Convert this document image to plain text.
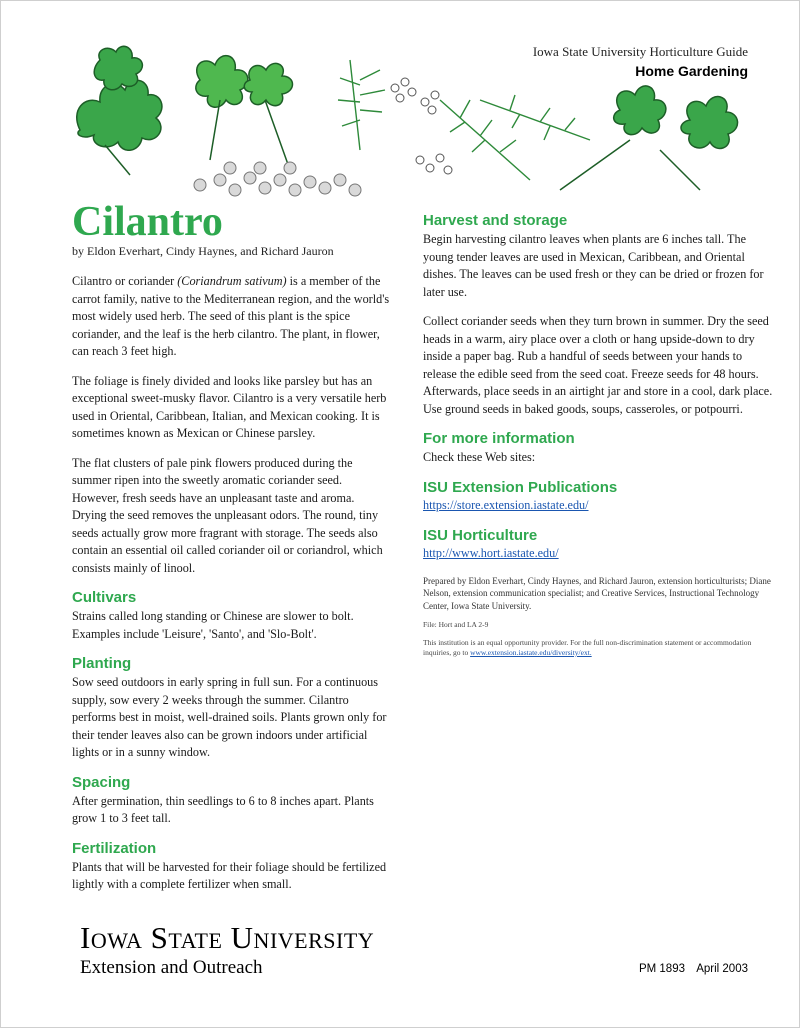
Iowa State University Horticulture Guide
Home Gardening
Cilantro
by Eldon Everhart, Cindy Haynes, and Richard Jauron

Cilantro or coriander (Coriandrum sativum) is a member of the carrot family, native to the Mediterranean region, and the world's most widely used herb. The seed of this plant is the spice coriander, and the leaf is the herb cilantro. The plant, in flower, can reach 3 feet high.

The foliage is finely divided and looks like parsley but has an exceptional sweet-musky flavor. Cilantro is a very versatile herb used in Oriental, Caribbean, Italian, and Mexican cooking. It is sometimes known as Mexican or Chinese parsley.

The flat clusters of pale pink flowers produced during the summer ripen into the sweetly aromatic coriander seed. However, fresh seeds have an unpleasant taste and aroma. Drying the seed removes the unpleasant odors. The round, tiny seeds actually grow more fragrant with storage. The seeds also contain an essential oil called coriander oil or coriandrol, which consists mainly of linool.

Cultivars

Strains called long standing or Chinese are slower to bolt. Examples include 'Leisure', 'Santo', and 'Slo-Bolt'.

Planting

Sow seed outdoors in early spring in full sun. For a continuous supply, sow every 2 weeks through the summer. Cilantro performs best in moist, well-drained soils. Plants grown only for their tender leaves also can be grown indoors under artificial lights or in a sunny window.

Spacing

After germination, thin seedlings to 6 to 8 inches apart. Plants grow 1 to 3 feet tall.

Fertilization

Plants that will be harvested for their foliage should be fertilized lightly with a complete fertilizer when small.

Harvest and storage

Begin harvesting cilantro leaves when plants are 6 inches tall. The young tender leaves are used in Mexican, Caribbean, and Oriental dishes. The leaves can be used fresh or they can be dried or frozen for later use.

Collect coriander seeds when they turn brown in summer. Dry the seed heads in a warm, airy place over a cloth or hang upside-down to dry inside a paper bag. Rub a handful of seeds between your hands to release the edible seed from the seed coat. Freeze seeds for 48 hours. Afterwards, place seeds in an airtight jar and store in a cool, dark place. Use ground seeds in baked goods, soups, casseroles, or potpourri.

For more information

Check these Web sites:

ISU Extension Publications
https://store.extension.iastate.edu/
ISU Horticulture
http://www.hort.iastate.edu/

Prepared by Eldon Everhart, Cindy Haynes, and Richard Jauron, extension horticulturists; Diane Nelson, extension communication specialist; and Creative Services, Instructional Technology Center, Iowa State University.

File: Hort and LA 2-9

This institution is an equal opportunity provider. For the full non-discrimination statement or accommodation inquiries, go to www.extension.iastate.edu/diversity/ext.

Iowa State University
Extension and Outreach	PM 1893 April 2003
